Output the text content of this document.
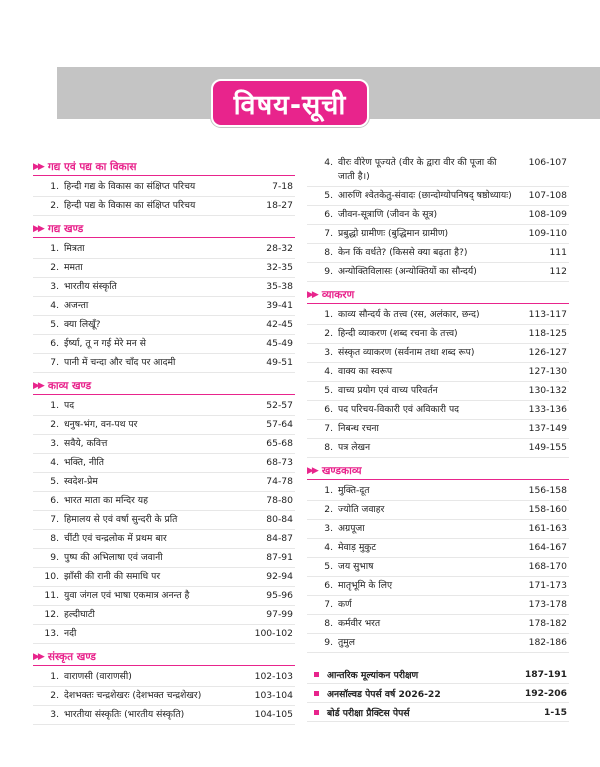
विषय-सूची
▶▶ गद्य एवं पद्य का विकास
1. हिन्दी गद्य के विकास का संक्षिप्त परिचय	7-18
2. हिन्दी पद्य के विकास का संक्षिप्त परिचय	18-27
▶▶ गद्य खण्ड
1. मित्रता	28-32
2. ममता	32-35
3. भारतीय संस्कृति	35-38
4. अजन्ता	39-41
5. क्या लिखूँ?	42-45
6. ईर्ष्या, तू न गई मेरे मन से	45-49
7. पानी में चन्दा और चाँद पर आदमी	49-51
▶▶ काव्य खण्ड
1. पद	52-57
2. धनुष-भंग, वन-पथ पर	57-64
3. सवैये, कवित्त	65-68
4. भक्ति, नीति	68-73
5. स्वदेश-प्रेम	74-78
6. भारत माता का मन्दिर यह	78-80
7. हिमालय से एवं वर्षा सुन्दरी के प्रति	80-84
8. चींटी एवं चन्द्रलोक में प्रथम बार	84-87
9. पुष्प की अभिलाषा एवं जवानी	87-91
10. झाँसी की रानी की समाधि पर	92-94
11. युवा जंगल एवं भाषा एकमात्र अनन्त है	95-96
12. हल्दीघाटी	97-99
13. नदी	100-102
▶▶ संस्कृत खण्ड
1. वाराणसी (वाराणसी)	102-103
2. देशभक्तः चन्द्रशेखरः (देशभक्त चन्द्रशेखर)	103-104
3. भारतीया संस्कृतिः (भारतीय संस्कृति)	104-105
4. वीरः वीरेण पूज्यते (वीर के द्वारा वीर की पूजा की जाती है।)
106-107
5. आरुणि श्वेतकेतु-संवादः (छान्दोग्योपनिषद् षष्ठोध्यायः)	107-108
6. जीवन-सूत्राणि (जीवन के सूत्र)	108-109
7. प्रबुद्धो ग्रामीणः (बुद्धिमान ग्रामीण)	109-110
8. केन किं वर्धते? (किससे क्या बढ़ता है?)	111
9. अन्योक्तिविलासः (अन्योक्तियों का सौन्दर्य)	112
▶▶ व्याकरण
1. काव्य सौन्दर्य के तत्त्व (रस, अलंकार, छन्द)	113-117
2. हिन्दी व्याकरण (शब्द रचना के तत्त्व)	118-125
3. संस्कृत व्याकरण (सर्वनाम तथा शब्द रूप)	126-127
4. वाक्य का स्वरूप	127-130
5. वाच्य प्रयोग एवं वाच्य परिवर्तन	130-132
6. पद परिचय-विकारी एवं अविकारी पद	133-136
7. निबन्ध रचना	137-149
8. पत्र लेखन	149-155
▶▶ खण्डकाव्य
1. मुक्ति-दूत	156-158
2. ज्योति जवाहर	158-160
3. अग्रपूजा	161-163
4. मेवाड़ मुकुट	164-167
5. जय सुभाष	168-170
6. मातृभूमि के लिए	171-173
7. कर्ण	173-178
8. कर्मवीर भरत	178-182
9. तुमुल	182-186
आन्तरिक मूल्यांकन परीक्षण	187-191
अनसॉल्वड पेपर्स वर्ष 2026-22	192-206
बोर्ड परीक्षा प्रैक्टिस पेपर्स	1-15
